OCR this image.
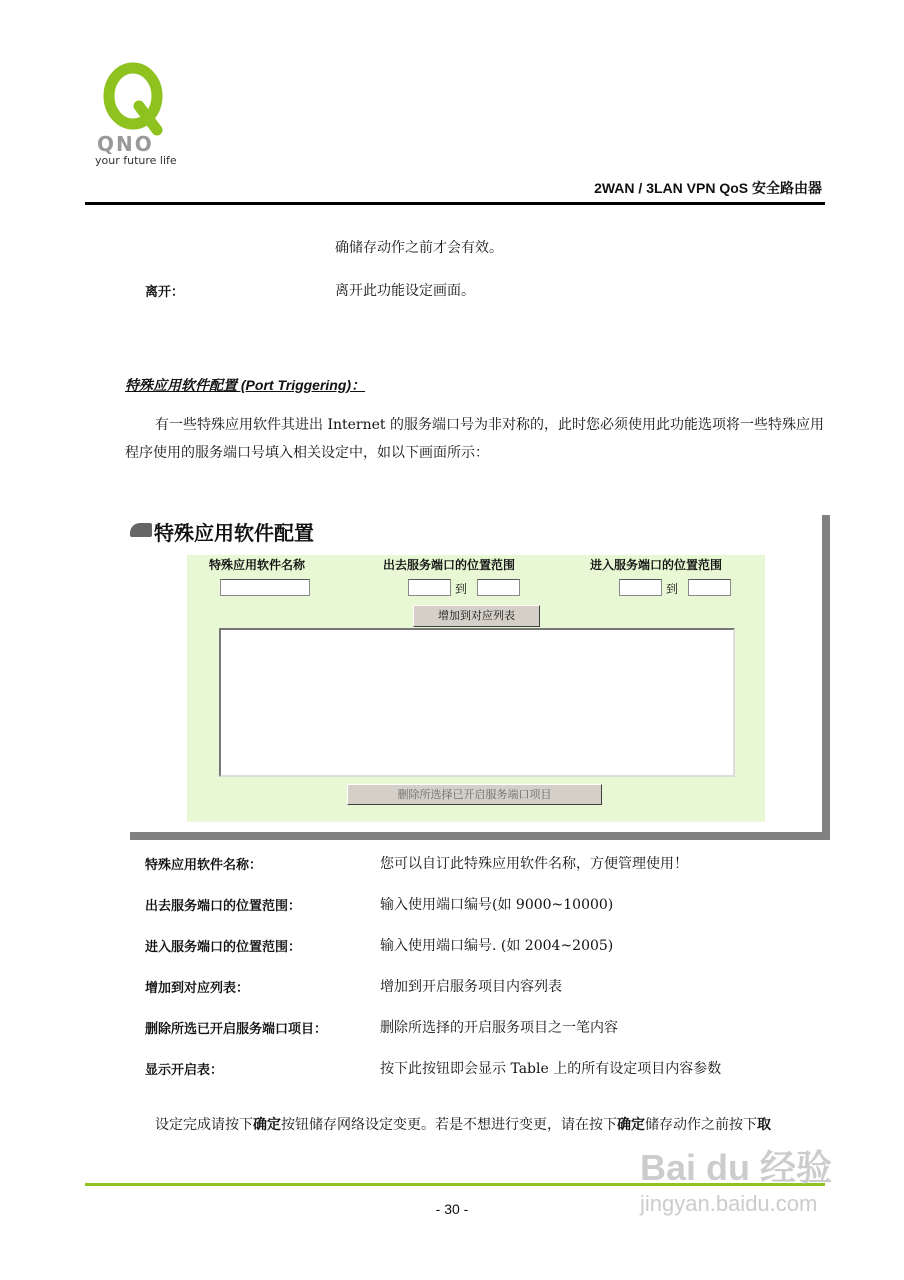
QNO
your future life
2WAN / 3LAN VPN QoS 安全路由器
确储存动作之前才会有效。
离开：	离开此功能设定画面。
特殊应用软件配置 (Port Triggering)：
有一些特殊应用软件其进出 Internet 的服务端口号为非对称的，此时您必须使用此功能选项将一些特殊应用程序使用的服务端口号填入相关设定中，如以下画面所示：
特殊应用软件配置
特殊应用软件名称	出去服务端口的位置范围	进入服务端口的位置范围
到	到
增加到对应列表
删除所选择已开启服务端口项目
特殊应用软件名称：	您可以自订此特殊应用软件名称，方便管理使用！
出去服务端口的位置范围：	输入使用端口编号(如 9000~10000)
进入服务端口的位置范围：	输入使用端口编号. (如 2004~2005)
增加到对应列表：	增加到开启服务项目内容列表
删除所选已开启服务端口项目：	删除所选择的开启服务项目之一笔内容
显示开启表：	按下此按钮即会显示 Table 上的所有设定项目内容参数
设定完成请按下确定按钮储存网络设定变更。若是不想进行变更，请在按下确定储存动作之前按下取
- 30 -
Bai du 经验
jingyan.baidu.com
